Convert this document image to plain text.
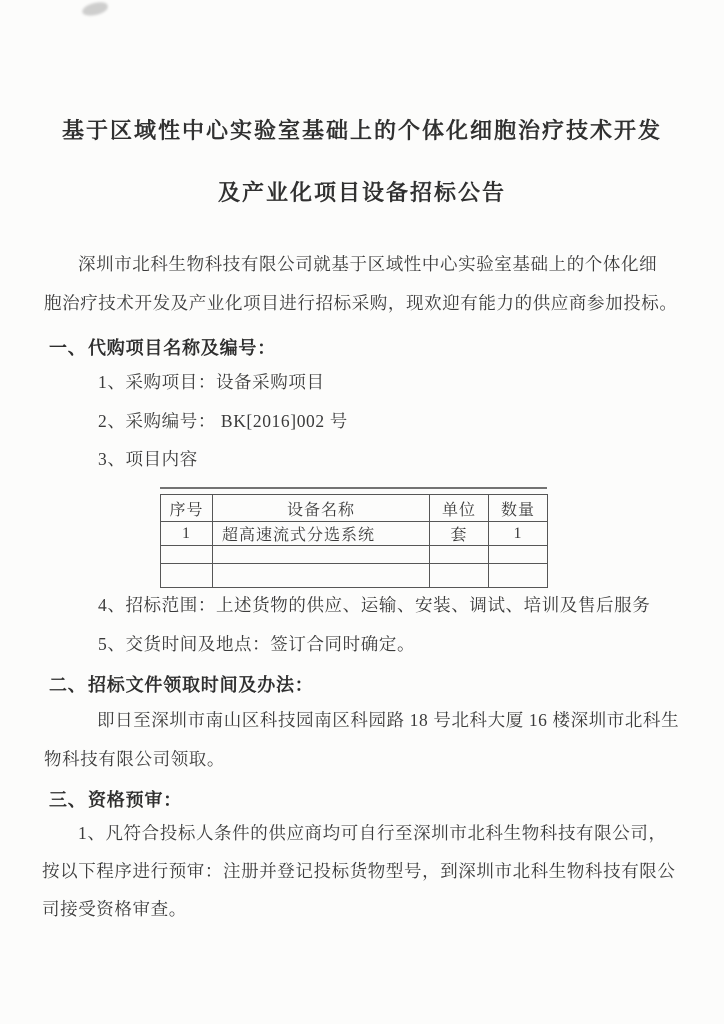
基于区域性中心实验室基础上的个体化细胞治疗技术开发
及产业化项目设备招标公告
深圳市北科生物科技有限公司就基于区域性中心实验室基础上的个体化细
胞治疗技术开发及产业化项目进行招标采购，现欢迎有能力的供应商参加投标。
一、 代购项目名称及编号：
1、采购项目：设备采购项目
2、采购编号： BK[2016]002 号
3、项目内容
序号	设备名称	单位	数量
1	超高速流式分选系统	套	1

4、招标范围：上述货物的供应、运输、安装、调试、培训及售后服务
5、交货时间及地点：签订合同时确定。
二、 招标文件领取时间及办法：
即日至深圳市南山区科技园南区科园路 18 号北科大厦 16 楼深圳市北科生
物科技有限公司领取。
三、 资格预审：
1、凡符合投标人条件的供应商均可自行至深圳市北科生物科技有限公司，
按以下程序进行预审：注册并登记投标货物型号，到深圳市北科生物科技有限公
司接受资格审查。
